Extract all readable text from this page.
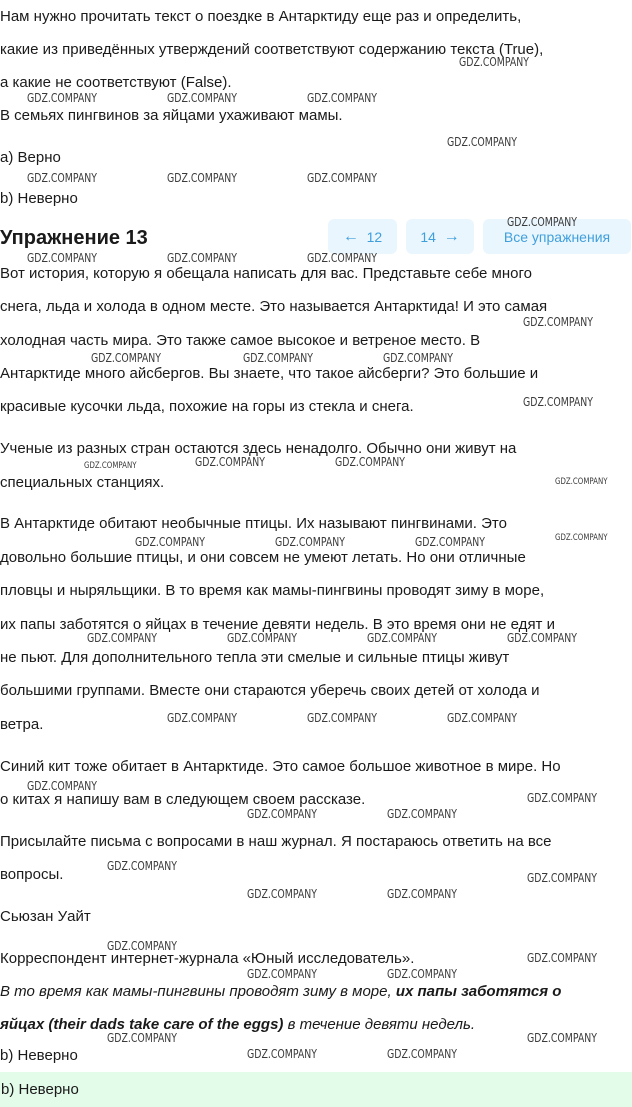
Нам нужно прочитать текст о поездке в Антарктиду еще раз и определить,

какие из приведённых утверждений соответствуют содержанию текста (True),

а какие не соответствуют (False).

В семьях пингвинов за яйцами ухаживают мамы.

a) Верно

b) Неверно

Упражнение 13	←
12	14
→	Все упражнения

Вот история, которую я обещала написать для вас. Представьте себе много

снега, льда и холода в одном месте. Это называется Антарктида! И это самая

холодная часть мира. Это также самое высокое и ветреное место. В

Антарктиде много айсбергов. Вы знаете, что такое айсберги? Это большие и

красивые кусочки льда, похожие на горы из стекла и снега.

Ученые из разных стран остаются здесь ненадолго. Обычно они живут на

специальных станциях.

В Антарктиде обитают необычные птицы. Их называют пингвинами. Это

довольно большие птицы, и они совсем не умеют летать. Но они отличные

пловцы и ныряльщики. В то время как мамы-пингвины проводят зиму в море,

их папы заботятся о яйцах в течение девяти недель. В это время они не едят и

не пьют. Для дополнительного тепла эти смелые и сильные птицы живут

большими группами. Вместе они стараются уберечь своих детей от холода и

ветра.

Синий кит тоже обитает в Антарктиде. Это самое большое животное в мире. Но

о китах я напишу вам в следующем своем рассказе.

Присылайте письма с вопросами в наш журнал. Я постараюсь ответить на все

вопросы.

Сьюзан Уайт

Корреспондент интернет-журнала «Юный исследователь».

В то время как мамы-пингвины проводят зиму в море, их папы заботятся о

яйцах (their dads take care of the eggs) в течение девяти недель.

b) Неверно

b) Неверно
GDZ.COMPANY
GDZ.COMPANY	GDZ.COMPANY	GDZ.COMPANY
GDZ.COMPANY
GDZ.COMPANY	GDZ.COMPANY	GDZ.COMPANY
GDZ.COMPANY
GDZ.COMPANY	GDZ.COMPANY	GDZ.COMPANY
GDZ.COMPANY
GDZ.COMPANY	GDZ.COMPANY	GDZ.COMPANY
GDZ.COMPANY
GDZ.COMPANY	GDZ.COMPANY
GDZ.COMPANY	GDZ.COMPANY	GDZ.COMPANY
GDZ.COMPANY	GDZ.COMPANY	GDZ.COMPANY	GDZ.COMPANY
GDZ.COMPANY	GDZ.COMPANY	GDZ.COMPANY
GDZ.COMPANY
GDZ.COMPANY
GDZ.COMPANY	GDZ.COMPANY
GDZ.COMPANY
GDZ.COMPANY
GDZ.COMPANY	GDZ.COMPANY
GDZ.COMPANY
GDZ.COMPANY
GDZ.COMPANY	GDZ.COMPANY
GDZ.COMPANY	GDZ.COMPANY
GDZ.COMPANY	GDZ.COMPANY
GDZ.COMPANY
GDZ.COMPANY
GDZ.COMPANY
